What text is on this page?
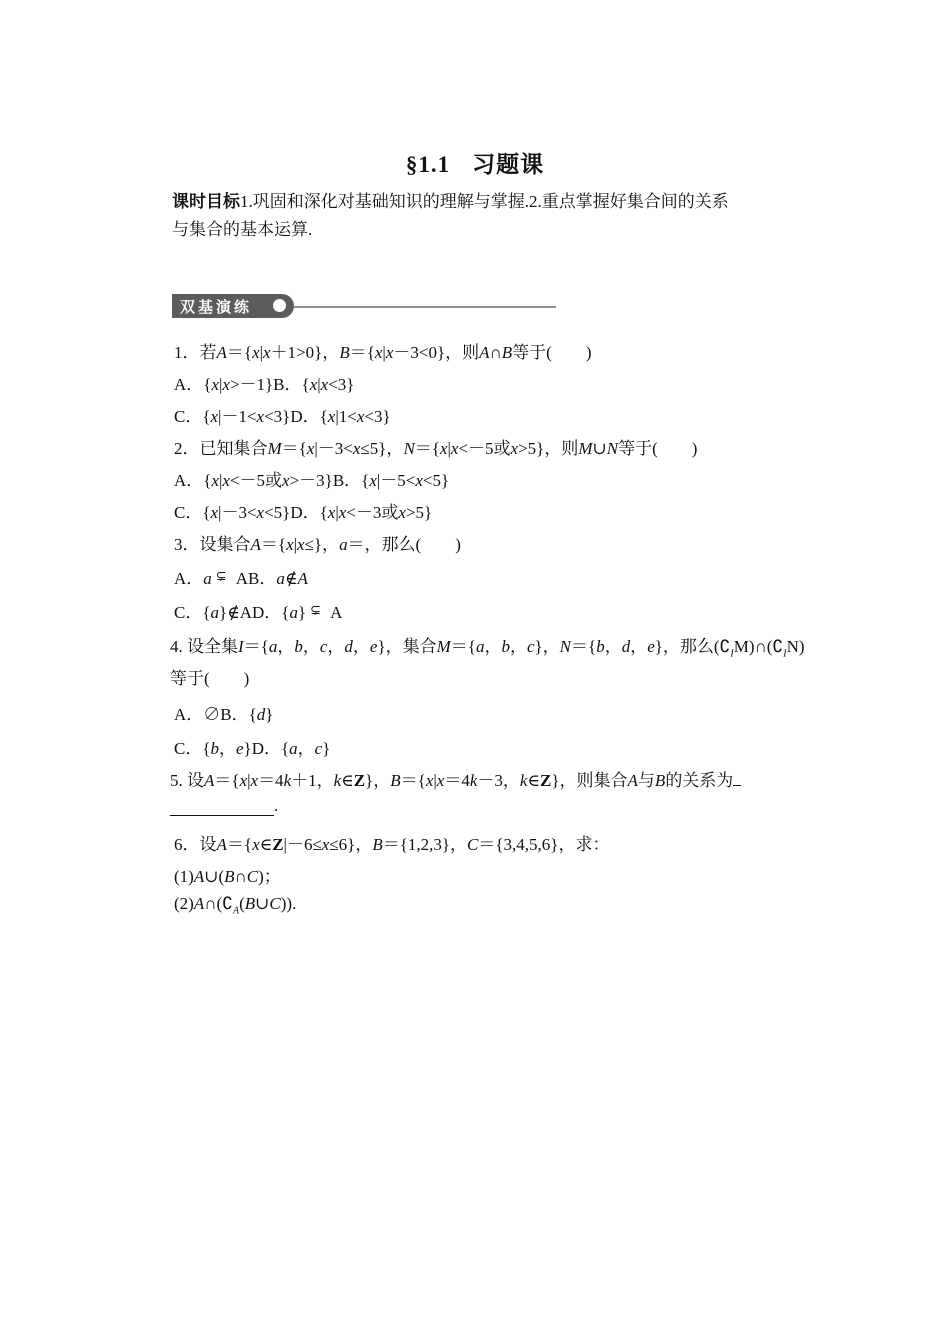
§1.1 习题课
课时目标1.巩固和深化对基础知识的理解与掌握.2.重点掌握好集合间的关系
与集合的基本运算.
双基演练
1．若A＝{x|x＋1>0}，B＝{x|x－3<0}，则A∩B等于(　　)
A．{x|x>－1}B．{x|x<3}
C．{x|－1<x<3}D．{x|1<x<3}
2．已知集合M＝{x|－3<x≤5}，N＝{x|x<－5或x>5}，则M∪N等于(　　)
A．{x|x<－5或x>－3}B．{x|－5<x<5}
C．{x|－3<x<5}D．{x|x<－3或x>5}
3．设集合A＝{x|x≤}，a＝，那么(　　)
A．a ⊊ AB．a∉A
C．{a}∉AD．{a} ⊊ A
4. 设全集I＝{a，b，c，d，e}，集合M＝{a，b，c}，N＝{b，d，e}，那么$(∁_IM)\cap(∁_IN)$
等于(　　)
A．∅B．{d}
C．{b，e}D．{a，c}
5. 设A＝{x|x＝4k＋1，k∈Z}，B＝{x|x＝4k－3，k∈Z}，则集合A与B的关系为
.
6．设A＝{x∈Z|－6≤x≤6}，B＝{1,2,3}，C＝{3,4,5,6}，求：
(1)A∪(B∩C)；
$(2)A\cap(∁_A(B\cup C))$.
